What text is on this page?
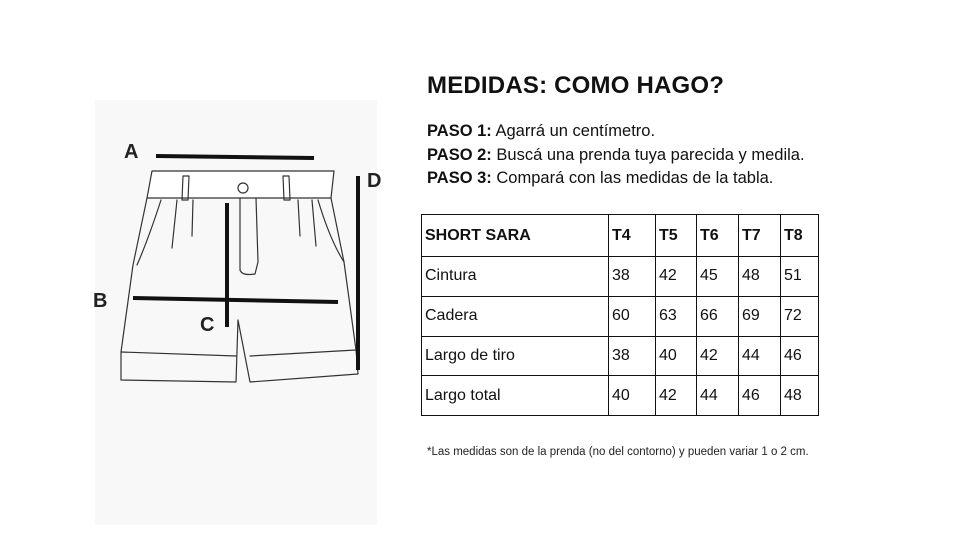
A
B
C
D
MEDIDAS: COMO HAGO?
PASO 1: Agarrá un centímetro.
PASO 2: Buscá una prenda tuya parecida y medila.
PASO 3: Compará con las medidas de la tabla.
SHORT SARA	T4	T5	T6	T7	T8
Cintura	38	42	45	48	51
Cadera	60	63	66	69	72
Largo de tiro	38	40	42	44	46
Largo total	40	42	44	46	48
*Las medidas son de la prenda (no del contorno) y pueden variar 1 o 2 cm.
